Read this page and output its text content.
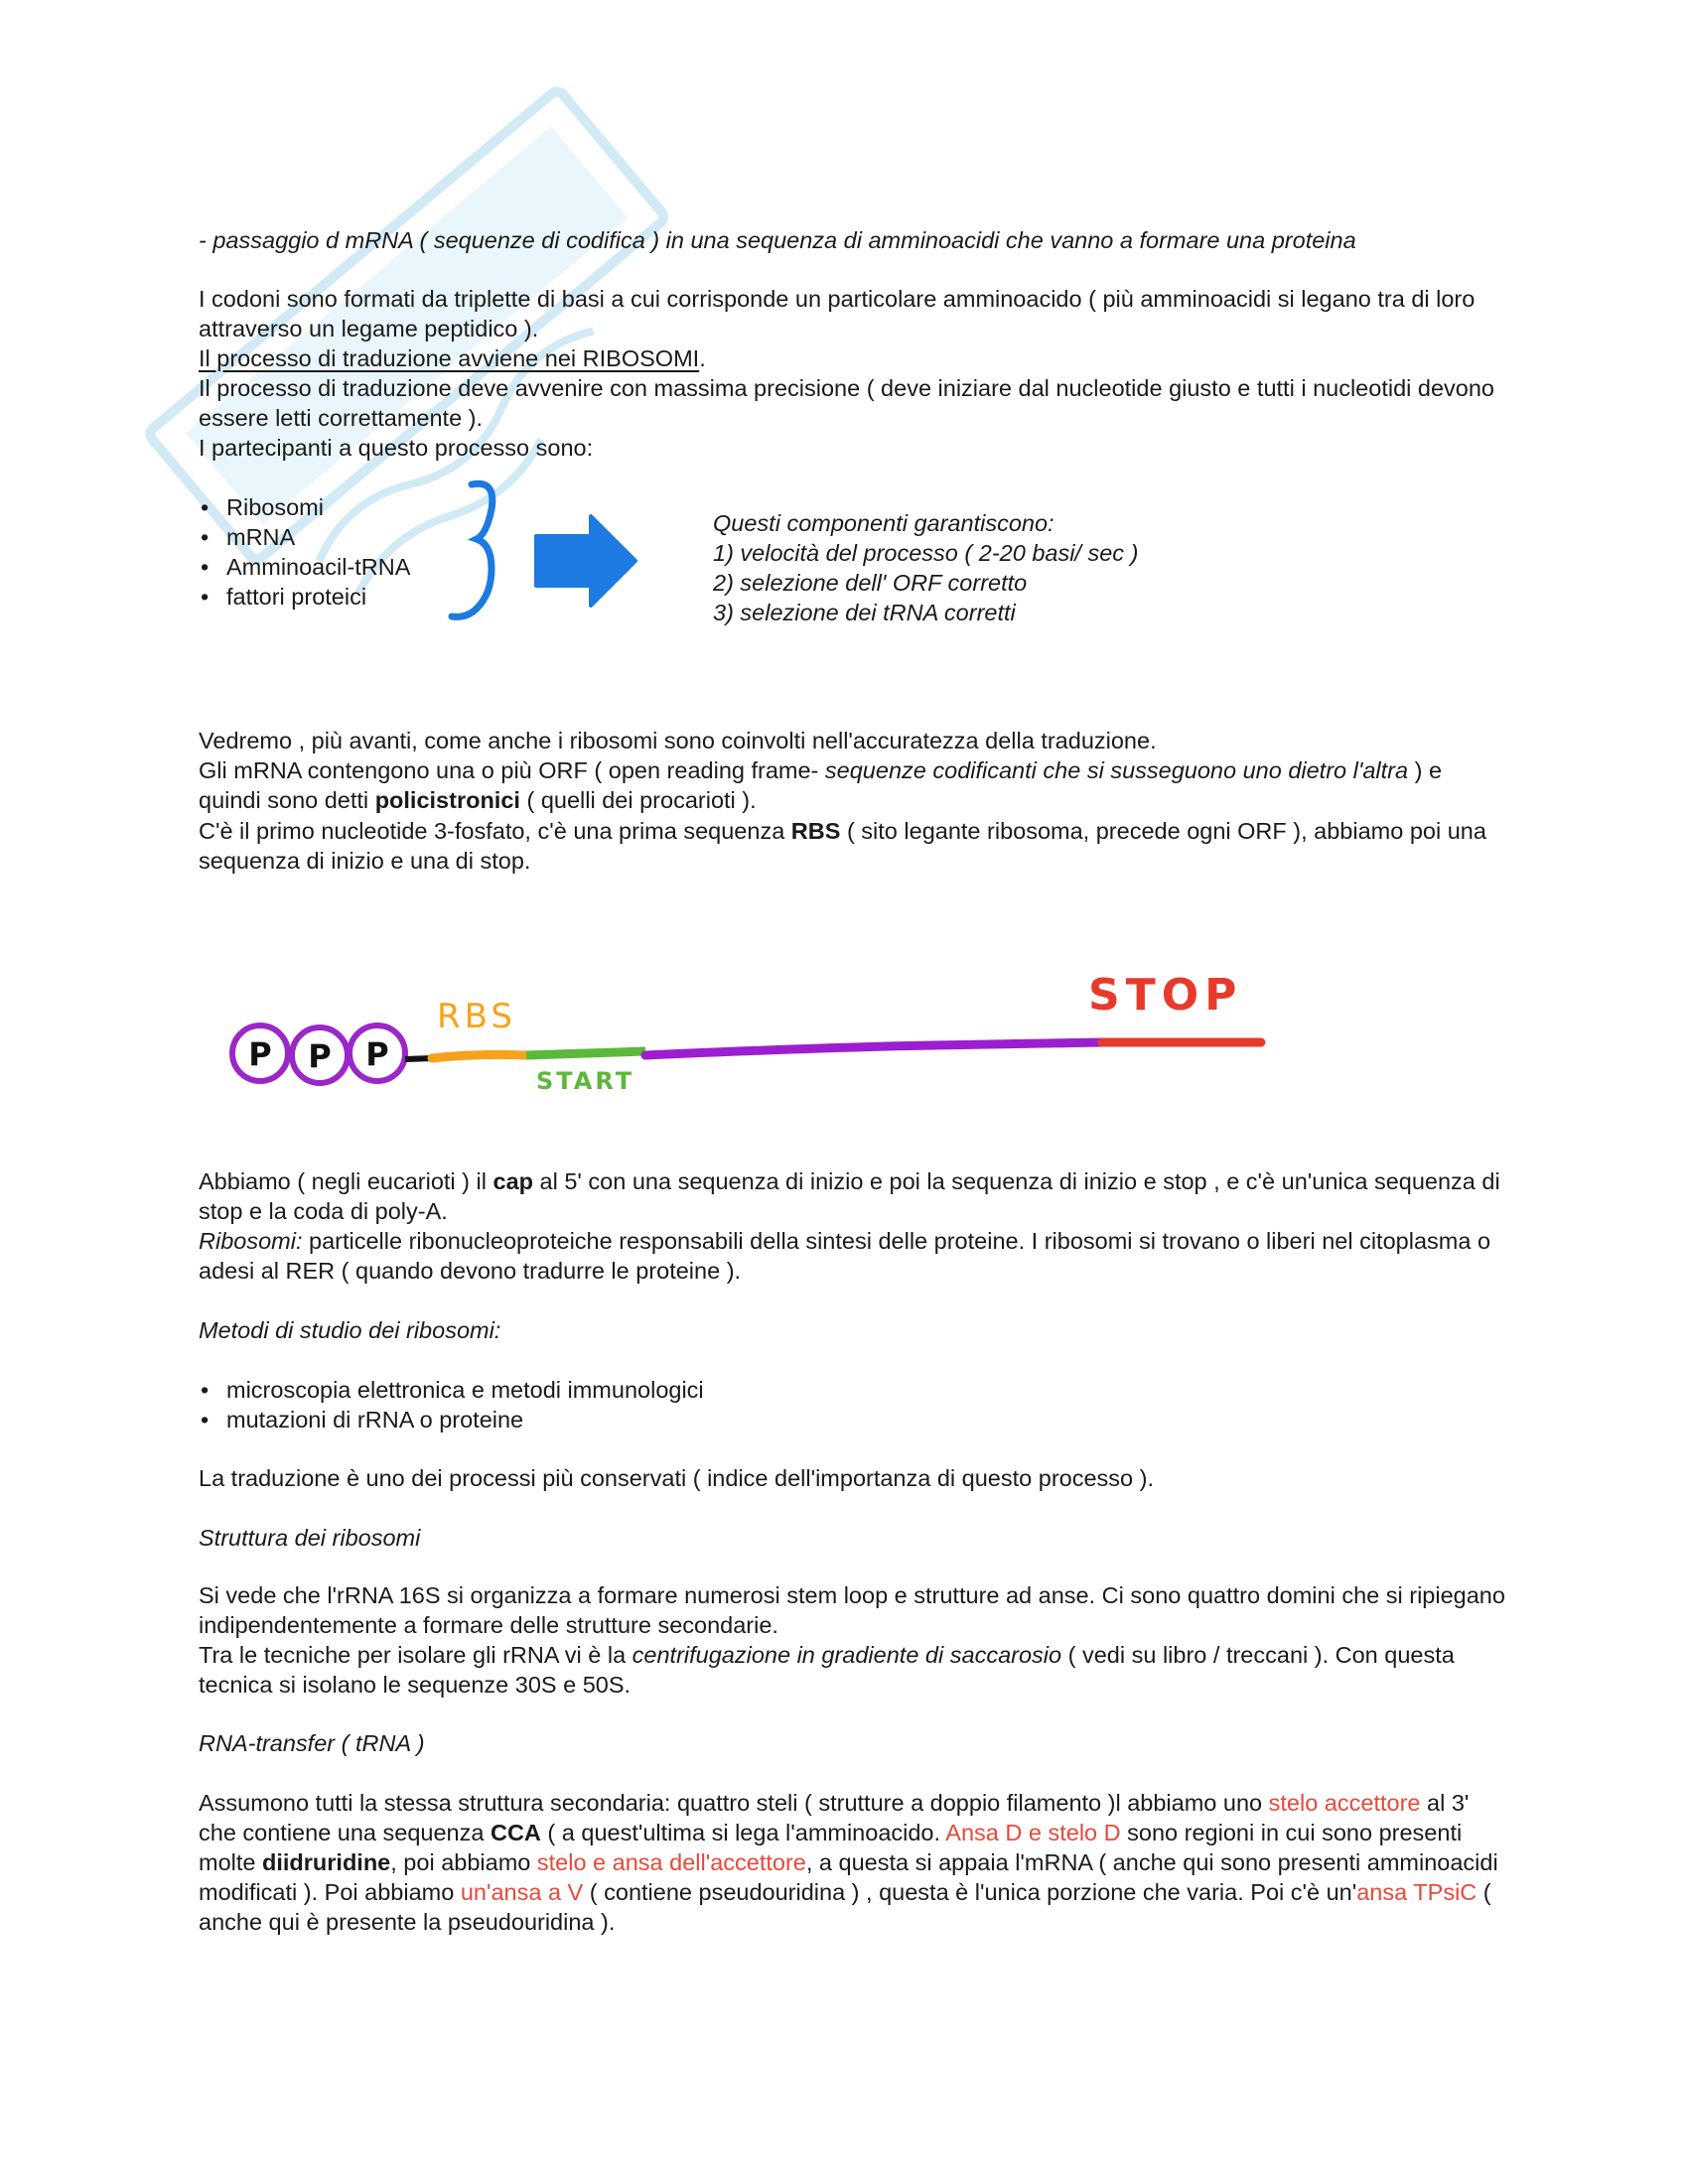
- passaggio d mRNA ( sequenze di codifica ) in una sequenza di amminoacidi che vanno a formare una proteina

I codoni sono formati da triplette di basi a cui corrisponde un particolare amminoacido ( più amminoacidi si legano tra di loro attraverso un legame peptidico ).

Il processo di traduzione avviene nei RIBOSOMI.

Il processo di traduzione deve avvenire con massima precisione ( deve iniziare dal nucleotide giusto e tutti i nucleotidi devono essere letti correttamente ).

I partecipanti a questo processo sono:

• Ribosomi
• mRNA
• Amminoacil-tRNA
• fattori proteici
Questi componenti garantiscono:
1) velocità del processo ( 2-20 basi/ sec )
2) selezione dell' ORF corretto
3) selezione dei tRNA corretti

Vedremo , più avanti, come anche i ribosomi sono coinvolti nell'accuratezza della traduzione.

Gli mRNA contengono una o più ORF ( open reading frame- sequenze codificanti che si susseguono uno dietro l'altra ) e quindi sono detti policistronici ( quelli dei procarioti ).

C'è il primo nucleotide 3-fosfato, c'è una prima sequenza RBS ( sito legante ribosoma, precede ogni ORF ), abbiamo poi una sequenza di inizio e una di stop.

P P P
RBS
START
STOP

Abbiamo ( negli eucarioti ) il cap al 5' con una sequenza di inizio e poi la sequenza di inizio e stop , e c'è un'unica sequenza di stop e la coda di poly-A.

Ribosomi: particelle ribonucleoproteiche responsabili della sintesi delle proteine. I ribosomi si trovano o liberi nel citoplasma o adesi al RER ( quando devono tradurre le proteine ).

Metodi di studio dei ribosomi:

• microscopia elettronica e metodi immunologici
• mutazioni di rRNA o proteine

La traduzione è uno dei processi più conservati ( indice dell'importanza di questo processo ).

Struttura dei ribosomi

Si vede che l'rRNA 16S si organizza a formare numerosi stem loop e strutture ad anse. Ci sono quattro domini che si ripiegano indipendentemente a formare delle strutture secondarie.

Tra le tecniche per isolare gli rRNA vi è la centrifugazione in gradiente di saccarosio ( vedi su libro / treccani ). Con questa tecnica si isolano le sequenze 30S e 50S.

RNA-transfer ( tRNA )

Assumono tutti la stessa struttura secondaria: quattro steli ( strutture a doppio filamento )l abbiamo uno stelo accettore al 3' che contiene una sequenza CCA ( a quest'ultima si lega l'amminoacido. Ansa D e stelo D sono regioni in cui sono presenti molte diidruridine, poi abbiamo stelo e ansa dell'accettore, a questa si appaia l'mRNA ( anche qui sono presenti amminoacidi modificati ). Poi abbiamo un'ansa a V ( contiene pseudouridina ) , questa è l'unica porzione che varia. Poi c'è un'ansa TPsiC ( anche qui è presente la pseudouridina ).
